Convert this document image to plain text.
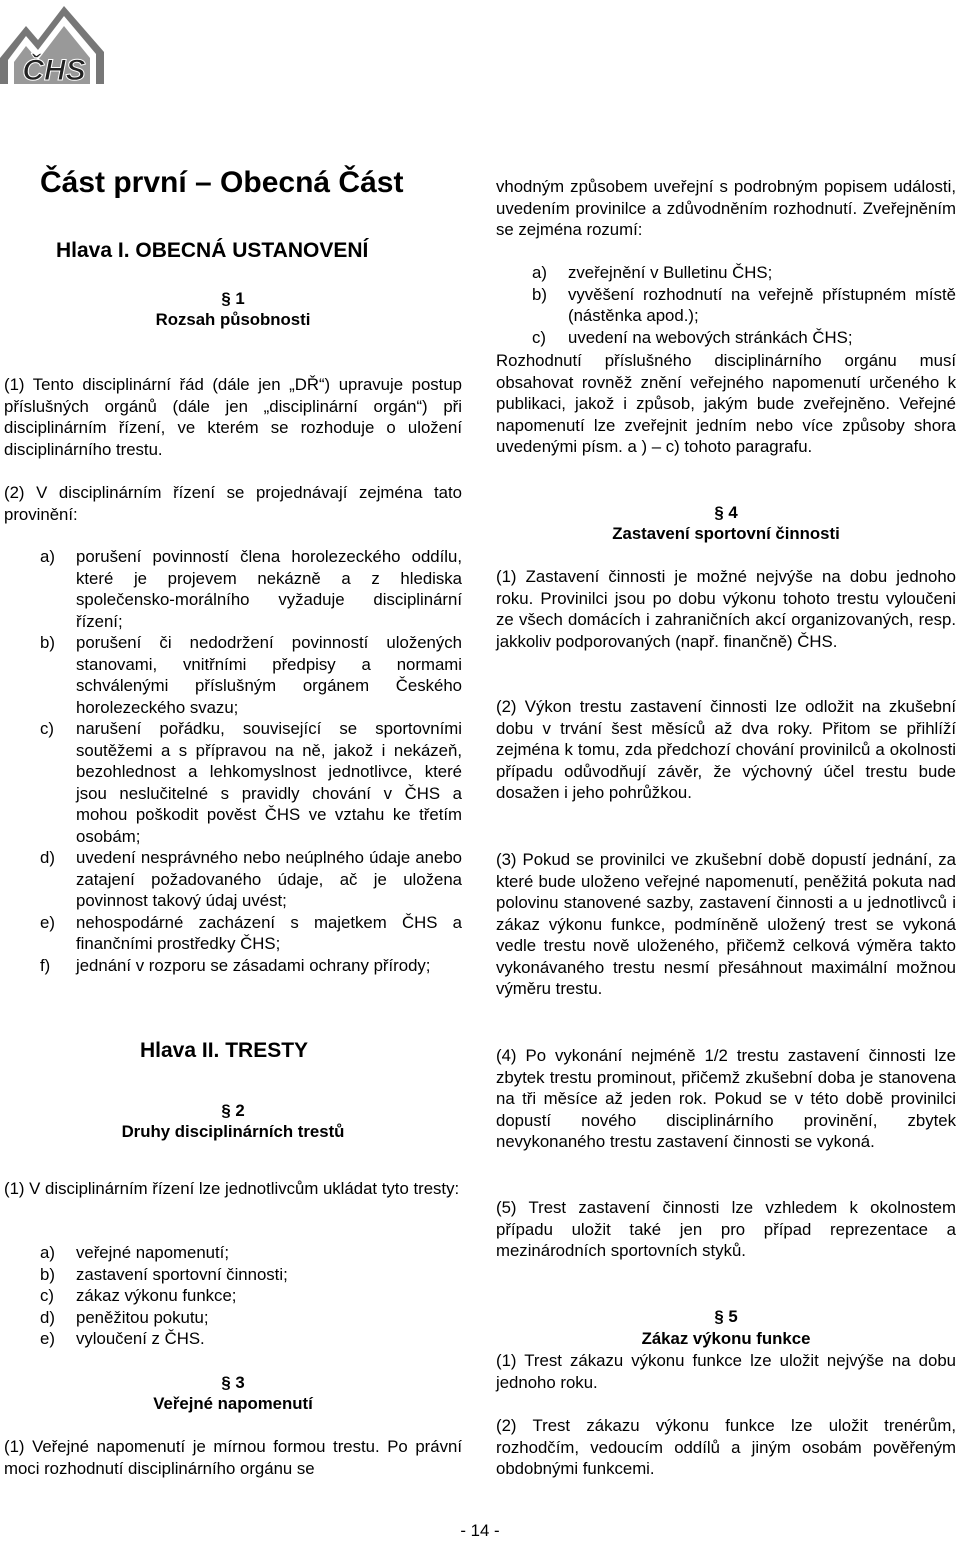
ČHS
Část první – Obecná Část
Hlava I. OBECNÁ USTANOVENÍ
§ 1
Rozsah působnosti
(1) Tento disciplinární řád (dále jen „DŘ“) upravuje postup příslušných orgánů (dále jen „disciplinární orgán“) při disciplinárním řízení, ve kterém se rozhoduje o uložení disciplinárního trestu.
(2) V disciplinárním řízení se projednávají zejména tato provinění:
a) porušení povinností člena horolezeckého oddílu, které je projevem nekázně a z hlediska společensko-morálního vyžaduje disciplinární řízení;
b) porušení či nedodržení povinností uložených stanovami, vnitřními předpisy a normami schválenými příslušným orgánem Českého horolezeckého svazu;
c) narušení pořádku, související se sportovními soutěžemi a s přípravou na ně, jakož i nekázeň, bezohlednost a lehkomyslnost jednotlivce, které jsou neslučitelné s pravidly chování v ČHS a mohou poškodit pověst ČHS ve vztahu ke třetím osobám;
d) uvedení nesprávného nebo neúplného údaje anebo zatajení požadovaného údaje, ač je uložena povinnost takový údaj uvést;
e) nehospodárné zacházení s majetkem ČHS a finančními prostředky ČHS;
f) jednání v rozporu se zásadami ochrany přírody;
Hlava II. TRESTY
§ 2
Druhy disciplinárních trestů
(1) V disciplinárním řízení lze jednotlivcům ukládat tyto tresty:
a) veřejné napomenutí;
b) zastavení sportovní činnosti;
c) zákaz výkonu funkce;
d) peněžitou pokutu;
e) vyloučení z ČHS.
§ 3
Veřejné napomenutí
(1) Veřejné napomenutí je mírnou formou trestu. Po právní moci rozhodnutí disciplinárního orgánu se
vhodným způsobem uveřejní s podrobným popisem události, uvedením provinilce a zdůvodněním rozhodnutí. Zveřejněním se zejména rozumí:
a) zveřejnění v Bulletinu ČHS;
b) vyvěšení rozhodnutí na veřejně přístupném místě (nástěnka apod.);
c) uvedení na webových stránkách ČHS;
Rozhodnutí příslušného disciplinárního orgánu musí obsahovat rovněž znění veřejného napomenutí určeného k publikaci, jakož i způsob, jakým bude zveřejněno. Veřejné napomenutí lze zveřejnit jedním nebo více způsoby shora uvedenými písm. a ) – c) tohoto paragrafu.
§ 4
Zastavení sportovní činnosti
(1) Zastavení činnosti je možné nejvýše na dobu jednoho roku. Provinilci jsou po dobu výkonu tohoto trestu vyloučeni ze všech domácích i zahraničních akcí organizovaných, resp. jakkoliv podporovaných (např. finančně) ČHS.
(2) Výkon trestu zastavení činnosti lze odložit na zkušební dobu v trvání šest měsíců až dva roky. Přitom se přihlíží zejména k tomu, zda předchozí chování provinilců a okolnosti případu odůvodňují závěr, že výchovný účel trestu bude dosažen i jeho pohrůžkou.
(3) Pokud se provinilci ve zkušební době dopustí jednání, za které bude uloženo veřejné napomenutí, peněžitá pokuta nad polovinu stanovené sazby, zastavení činnosti a u jednotlivců i zákaz výkonu funkce, podmíněně uložený trest se vykoná vedle trestu nově uloženého, přičemž celková výměra takto vykonávaného trestu nesmí přesáhnout maximální možnou výměru trestu.
(4) Po vykonání nejméně 1/2 trestu zastavení činnosti lze zbytek trestu prominout, přičemž zkušební doba je stanovena na tři měsíce až jeden rok. Pokud se v této době provinilci dopustí nového disciplinárního provinění, zbytek nevykonaného trestu zastavení činnosti se vykoná.
(5) Trest zastavení činnosti lze vzhledem k okolnostem případu uložit také jen pro případ reprezentace a mezinárodních sportovních styků.
§ 5
Zákaz výkonu funkce
(1) Trest zákazu výkonu funkce lze uložit nejvýše na dobu jednoho roku.
(2) Trest zákazu výkonu funkce lze uložit trenérům, rozhodčím, vedoucím oddílů a jiným osobám pověřeným obdobnými funkcemi.
- 14 -
